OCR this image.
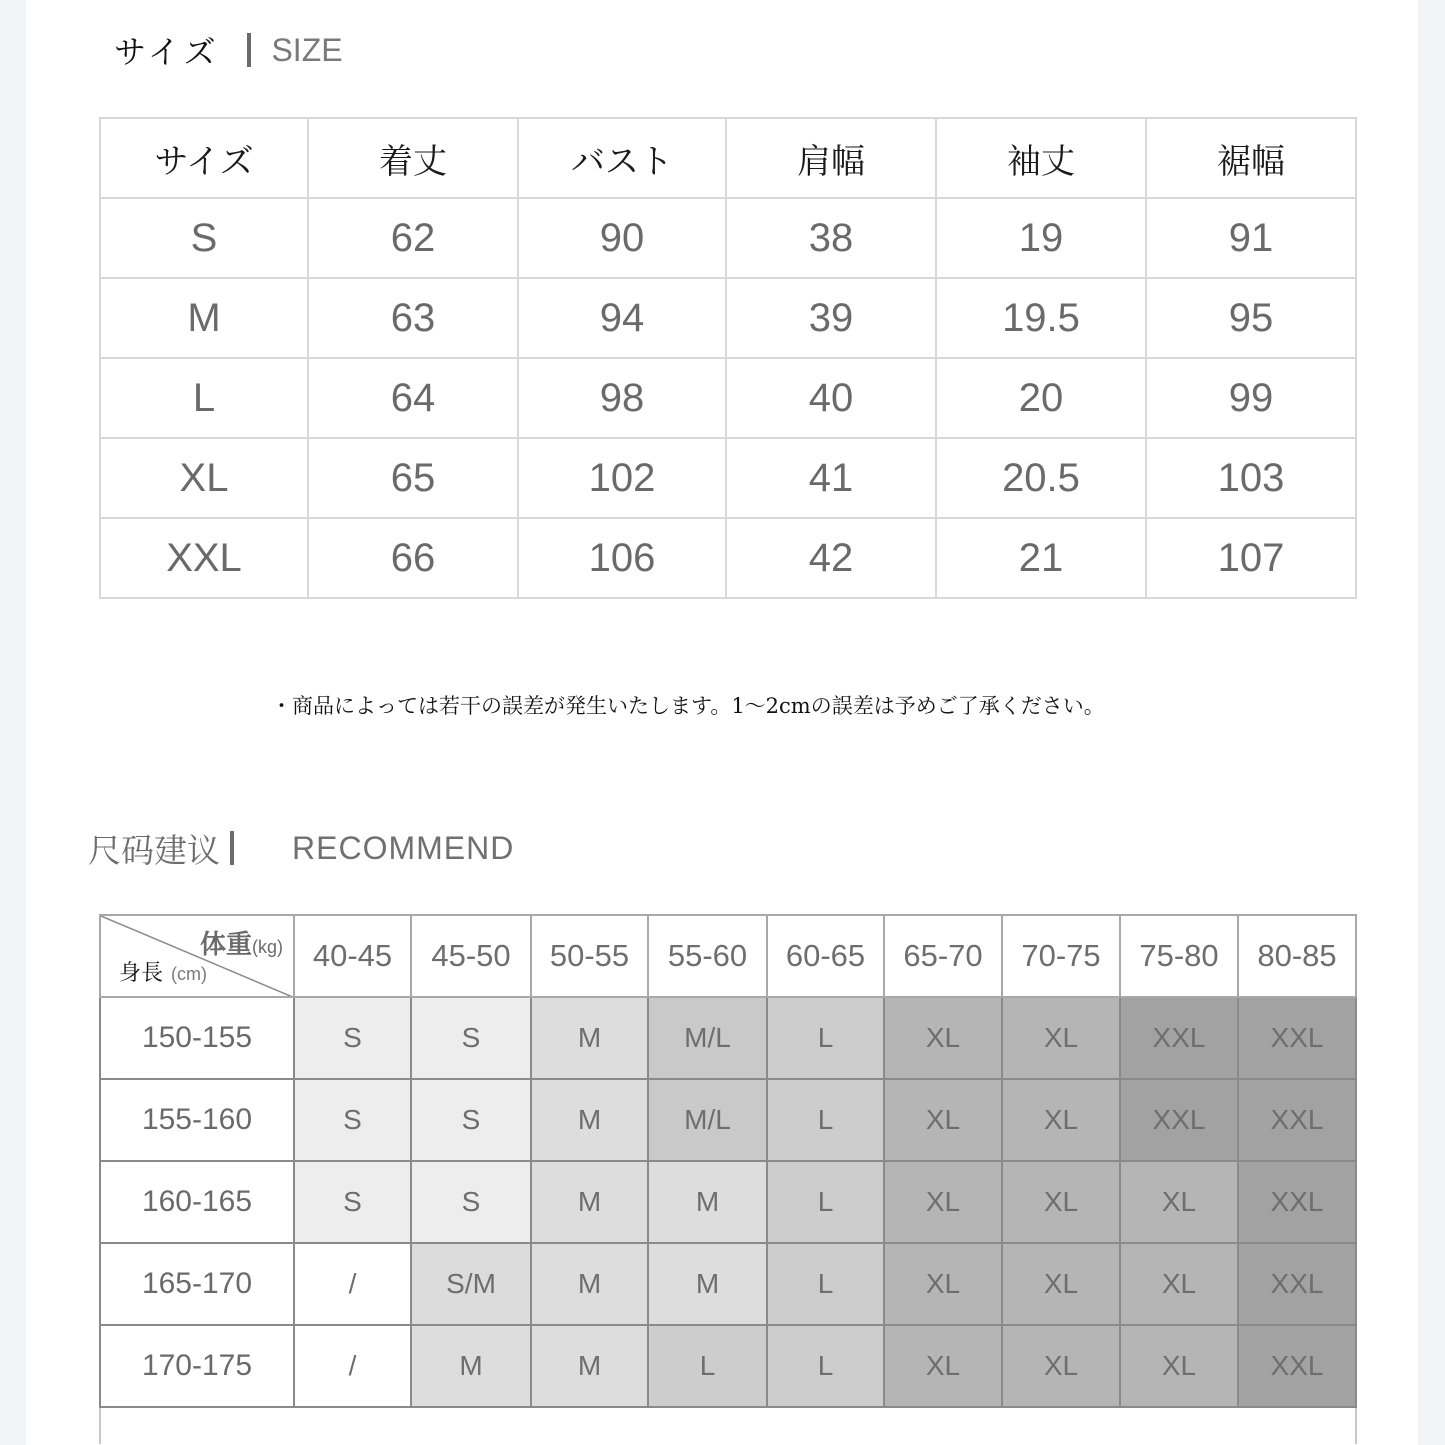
サイズ SIZE
サイズ	着丈	バスト	肩幅	袖丈	裾幅
S	62	90	38	19	91
M	63	94	39	19.5	95
L	64	98	40	20	99
XL	65	102	41	20.5	103
XXL	66	106	42	21	107
・商品によっては若干の誤差が発生いたします。1～2cmの誤差は予めご了承ください。
尺码建议 RECOMMEND
体重(kg)
身長 (cm)	40-45	45-50	50-55	55-60	60-65	65-70	70-75	75-80	80-85
150-155	S	S	M	M/L	L	XL	XL	XXL	XXL
155-160	S	S	M	M/L	L	XL	XL	XXL	XXL
160-165	S	S	M	M	L	XL	XL	XL	XXL
165-170	/	S/M	M	M	L	XL	XL	XL	XXL
170-175	/	M	M	L	L	XL	XL	XL	XXL
